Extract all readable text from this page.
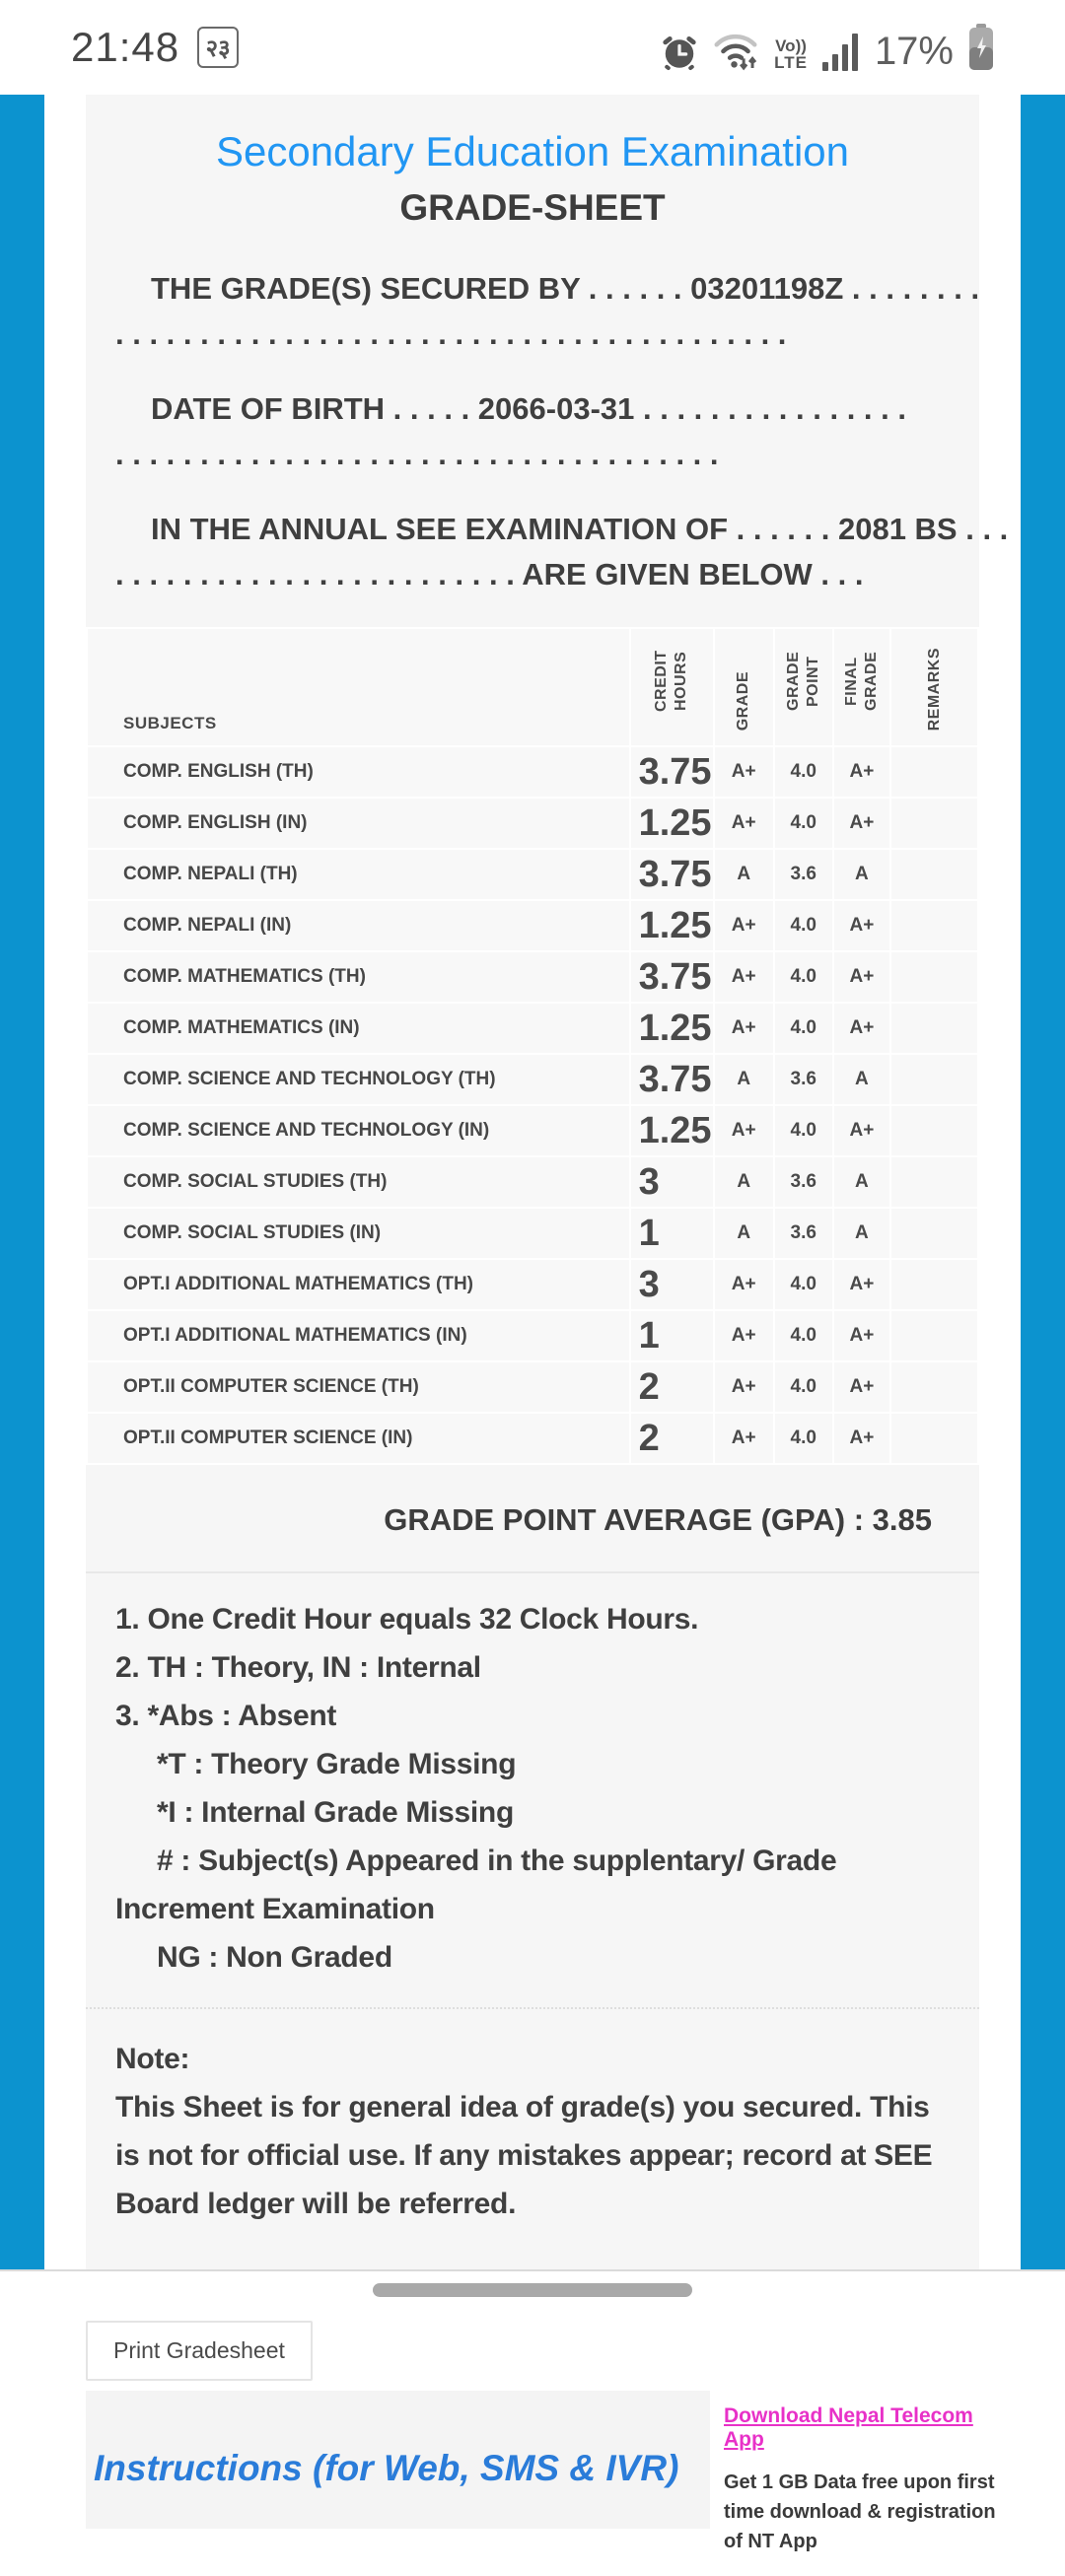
21:48	२३	Vo))
LTE 17%
Secondary Education Examination
GRADE-SHEET
THE GRADE(S) SECURED BY . . . . . . 03201198Z . . . . . . . .
. . . . . . . . . . . . . . . . . . . . . . . . . . . . . . . . . . . . . . . .
DATE OF BIRTH . . . . . 2066-03-31 . . . . . . . . . . . . . . . .
. . . . . . . . . . . . . . . . . . . . . . . . . . . . . . . . . . . .
IN THE ANNUAL SEE EXAMINATION OF . . . . . . 2081 BS . . .
. . . . . . . . . . . . . . . . . . . . . . . . ARE GIVEN BELOW . . .
SUBJECTS	CREDIT HOURS	GRADE	GRADE POINT	FINAL GRADE	REMARKS
COMP. ENGLISH (TH)	3.75	A+	4.0	A+	
COMP. ENGLISH (IN)	1.25	A+	4.0	A+	
COMP. NEPALI (TH)	3.75	A	3.6	A	
COMP. NEPALI (IN)	1.25	A+	4.0	A+	
COMP. MATHEMATICS (TH)	3.75	A+	4.0	A+	
COMP. MATHEMATICS (IN)	1.25	A+	4.0	A+	
COMP. SCIENCE AND TECHNOLOGY (TH)	3.75	A	3.6	A	
COMP. SCIENCE AND TECHNOLOGY (IN)	1.25	A+	4.0	A+	
COMP. SOCIAL STUDIES (TH)	3	A	3.6	A	
COMP. SOCIAL STUDIES (IN)	1	A	3.6	A	
OPT.I ADDITIONAL MATHEMATICS (TH)	3	A+	4.0	A+	
OPT.I ADDITIONAL MATHEMATICS (IN)	1	A+	4.0	A+	
OPT.II COMPUTER SCIENCE (TH)	2	A+	4.0	A+	
OPT.II COMPUTER SCIENCE (IN)	2	A+	4.0	A+	
GRADE POINT AVERAGE (GPA) : 3.85
1. One Credit Hour equals 32 Clock Hours.
2. TH : Theory, IN : Internal
3. *Abs : Absent
*T : Theory Grade Missing
*I : Internal Grade Missing
# : Subject(s) Appeared in the supplentary/ Grade Increment Examination
NG : Non Graded
Note:
This Sheet is for general idea of grade(s) you secured. This is not for official use. If any mistakes appear; record at SEE Board ledger will be referred.
Print Gradesheet
Instructions (for Web, SMS & IVR)
Download Nepal Telecom App
Get 1 GB Data free upon first time download & registration of NT App
